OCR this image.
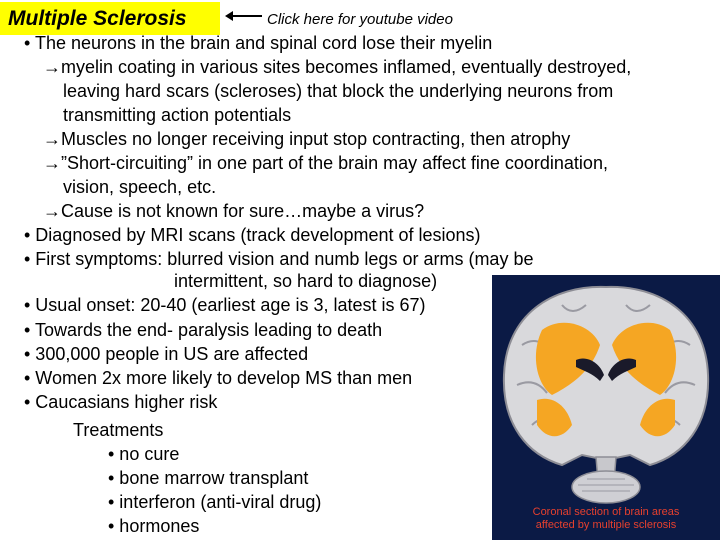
Multiple Sclerosis	Click here for youtube video
• The neurons in the brain and spinal cord lose their myelin
→myelin coating in various sites becomes inflamed, eventually destroyed,
leaving hard scars (scleroses) that block the underlying neurons from
transmitting action potentials
→Muscles no longer receiving input stop contracting, then atrophy
→”Short-circuiting” in one part of the brain may affect fine coordination,
vision, speech, etc.
→Cause is not known for sure…maybe a virus?
• Diagnosed by MRI scans (track development of lesions)
• First symptoms: blurred vision and numb legs or arms (may be
intermittent, so hard to diagnose)
• Usual onset: 20-40 (earliest age is 3, latest is 67)
• Towards the end- paralysis leading to death
• 300,000 people in US are affected
• Women 2x more likely to develop MS than men
• Caucasians higher risk
Treatments
• no cure
• bone marrow transplant
• interferon (anti-viral drug)
• hormones
Coronal section of brain areas
affected by multiple sclerosis
